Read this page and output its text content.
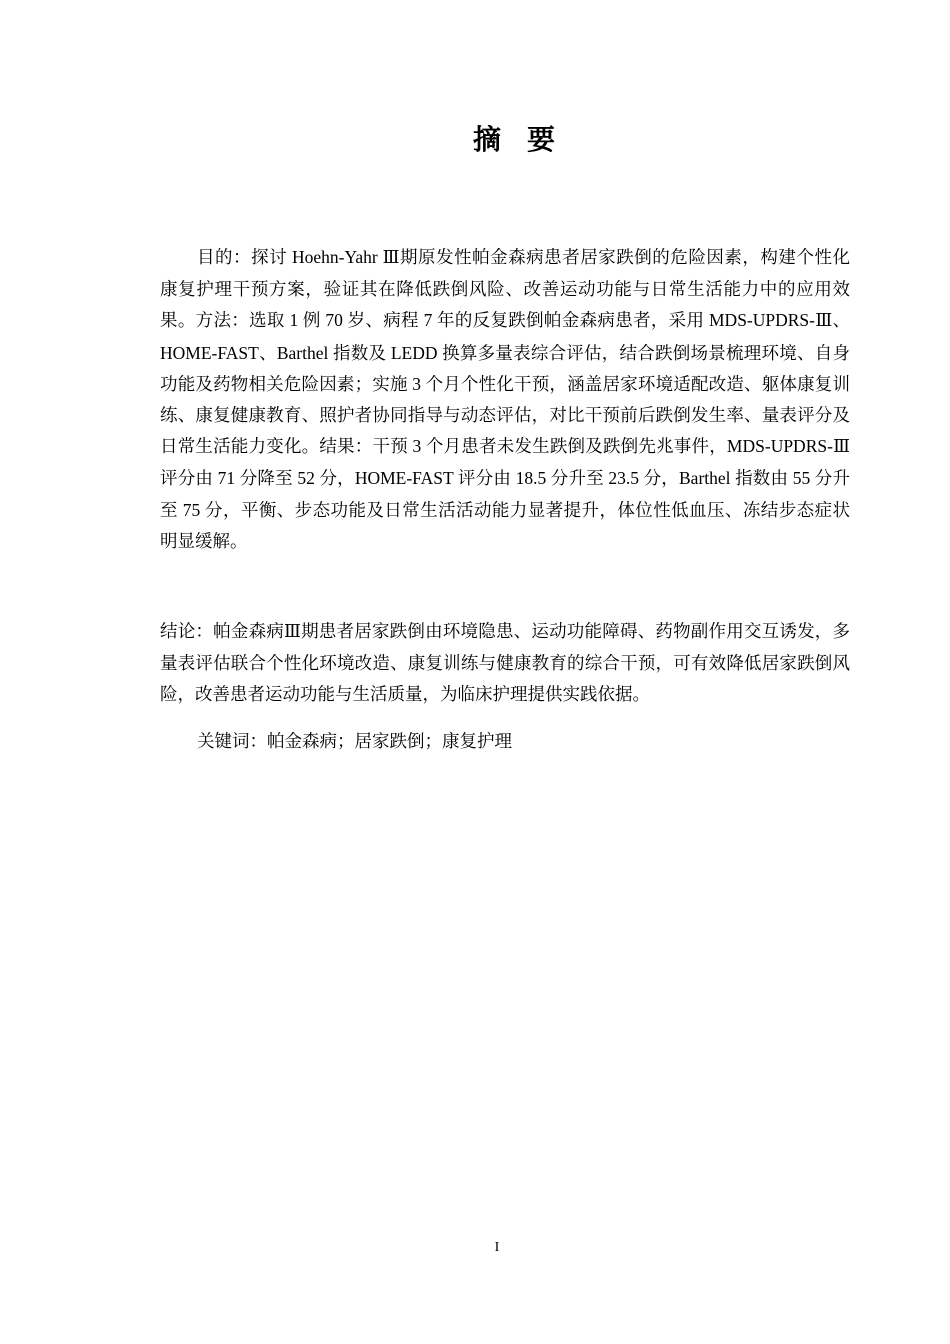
摘要

目的：探讨 Hoehn-Yahr Ⅲ期原发性帕金森病患者居家跌倒的危险因素，构建个性化康复护理干预方案，验证其在降低跌倒风险、改善运动功能与日常生活能力中的应用效果。方法：选取 1 例 70 岁、病程 7 年的反复跌倒帕金森病患者，采用 MDS-UPDRS-Ⅲ、HOME-FAST、Barthel 指数及 LEDD 换算多量表综合评估，结合跌倒场景梳理环境、自身功能及药物相关危险因素；实施 3 个月个性化干预，涵盖居家环境适配改造、躯体康复训练、康复健康教育、照护者协同指导与动态评估，对比干预前后跌倒发生率、量表评分及日常生活能力变化。结果：干预 3 个月患者未发生跌倒及跌倒先兆事件，MDS-UPDRS-Ⅲ评分由 71 分降至 52 分，HOME-FAST 评分由 18.5 分升至 23.5 分，Barthel 指数由 55 分升至 75 分，平衡、步态功能及日常生活活动能力显著提升，体位性低血压、冻结步态症状明显缓解。

结论：帕金森病Ⅲ期患者居家跌倒由环境隐患、运动功能障碍、药物副作用交互诱发，多量表评估联合个性化环境改造、康复训练与健康教育的综合干预，可有效降低居家跌倒风险，改善患者运动功能与生活质量，为临床护理提供实践依据。

关键词：帕金森病；居家跌倒；康复护理

I
